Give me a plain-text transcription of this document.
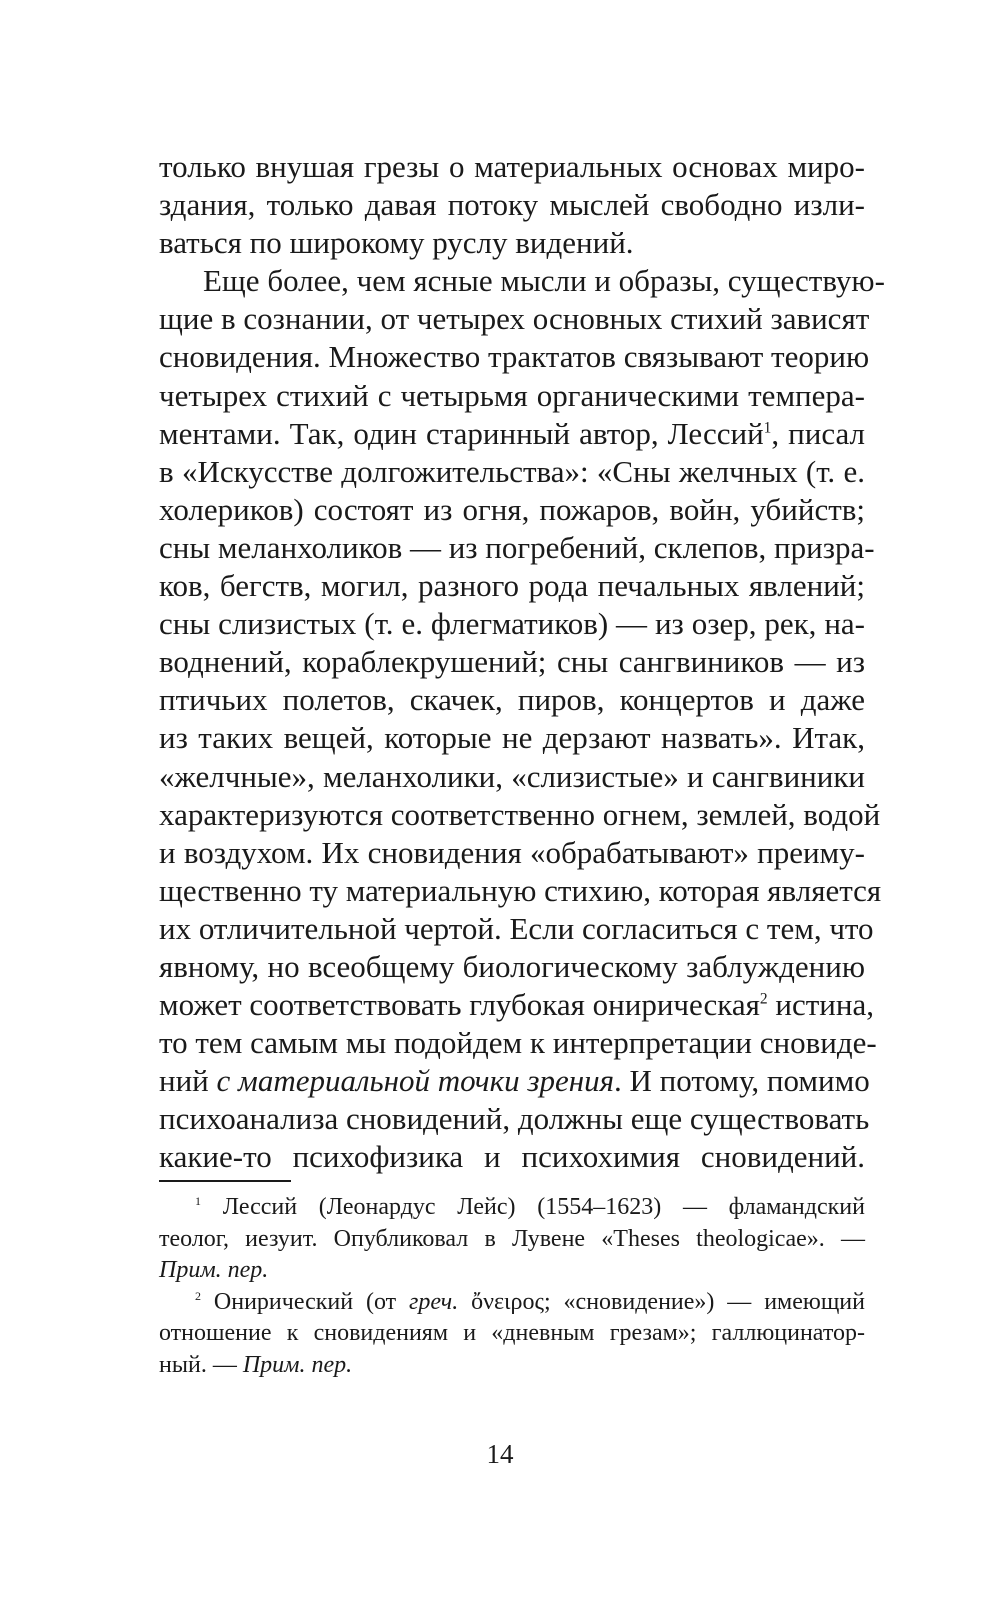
только внушая грезы о материальных основах миро-
здания, только давая потоку мыслей свободно изли-
ваться по широкому руслу видений.
Еще более, чем ясные мысли и образы, существую-
щие в сознании, от четырех основных стихий зависят
сновидения. Множество трактатов связывают теорию
четырех стихий с четырьмя органическими темпера-
ментами. Так, один старинный автор, Лессий$^1$, писал
в «Искусстве долгожительства»: «Сны желчных (т. е.
холериков) состоят из огня, пожаров, войн, убийств;
сны меланхоликов — из погребений, склепов, призра-
ков, бегств, могил, разного рода печальных явлений;
сны слизистых (т. е. флегматиков) — из озер, рек, на-
воднений, кораблекрушений; сны сангвиников — из
птичьих полетов, скачек, пиров, концертов и даже
из таких вещей, которые не дерзают назвать». Итак,
«желчные», меланхолики, «слизистые» и сангвиники
характеризуются соответственно огнем, землей, водой
и воздухом. Их сновидения «обрабатывают» преиму-
щественно ту материальную стихию, которая является
их отличительной чертой. Если согласиться с тем, что
явному, но всеобщему биологическому заблуждению
может соответствовать глубокая онирическая$^2$ истина,
то тем самым мы подойдем к интерпретации сновиде-
ний с материальной точки зрения. И потому, помимо
психоанализа сновидений, должны еще существовать
какие-то психофизика и психохимия сновидений.
$^1$ Лессий (Леонардус Лейс) (1554–1623) — фламандский
теолог, иезуит. Опубликовал в Лувене «Theses theologicae». —
Прим. пер.
$^2$ Онирический (от греч. ὄνειρος; «сновидение») — имеющий
отношение к сновидениям и «дневным грезам»; галлюцинатор-
ный. — Прим. пер.
14
